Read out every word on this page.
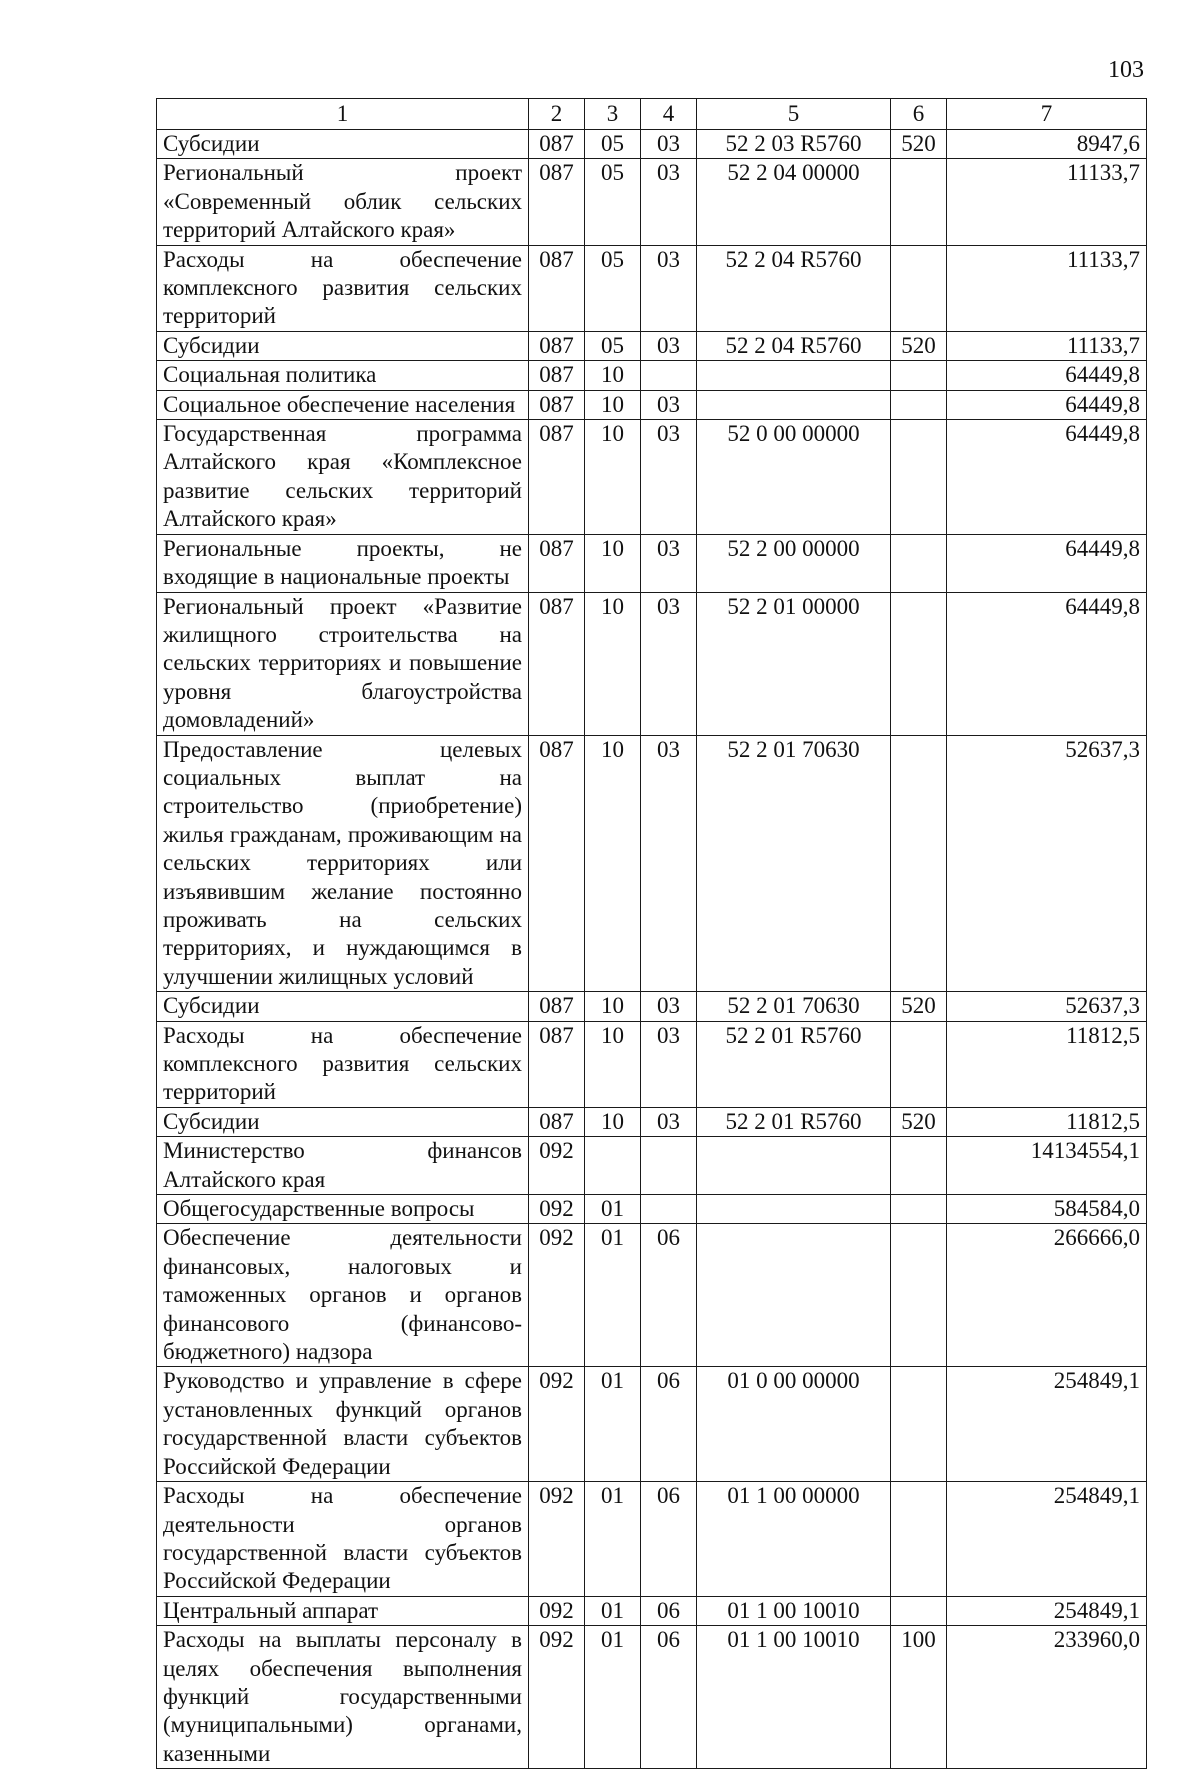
103
1	2	3	4	5	6	7
Субсидии	087	05	03	52 2 03 R5760	520	8947,6
Региональный проект «Современный облик сельских территорий Алтайского края»	087	05	03	52 2 04 00000		11133,7
Расходы на обеспечение комплексного развития сельских территорий	087	05	03	52 2 04 R5760		11133,7
Субсидии	087	05	03	52 2 04 R5760	520	11133,7
Социальная политика	087	10				64449,8
Социальное обеспечение населения	087	10	03			64449,8
Государственная программа Алтайского края «Комплексное развитие сельских территорий Алтайского края»	087	10	03	52 0 00 00000		64449,8
Региональные проекты, не входящие в национальные проекты	087	10	03	52 2 00 00000		64449,8
Региональный проект «Развитие жилищного строительства на сельских территориях и повышение уровня благоустройства домовладений»	087	10	03	52 2 01 00000		64449,8
Предоставление целевых социальных выплат на строительство (приобретение) жилья гражданам, проживающим на сельских территориях или изъявившим желание постоянно проживать на сельских территориях, и нуждающимся в улучшении жилищных условий	087	10	03	52 2 01 70630		52637,3
Субсидии	087	10	03	52 2 01 70630	520	52637,3
Расходы на обеспечение комплексного развития сельских территорий	087	10	03	52 2 01 R5760		11812,5
Субсидии	087	10	03	52 2 01 R5760	520	11812,5
Министерство финансов Алтайского края	092					14134554,1
Общегосударственные вопросы	092	01				584584,0
Обеспечение деятельности финансовых, налоговых и таможенных органов и органов финансового (финансово-бюджетного) надзора	092	01	06			266666,0
Руководство и управление в сфере установленных функций органов государственной власти субъектов Российской Федерации	092	01	06	01 0 00 00000		254849,1
Расходы на обеспечение деятельности органов государственной власти субъектов Российской Федерации	092	01	06	01 1 00 00000		254849,1
Центральный аппарат	092	01	06	01 1 00 10010		254849,1
Расходы на выплаты персоналу в целях обеспечения выполнения функций государственными (муниципальными) органами, казенными	092	01	06	01 1 00 10010	100	233960,0
